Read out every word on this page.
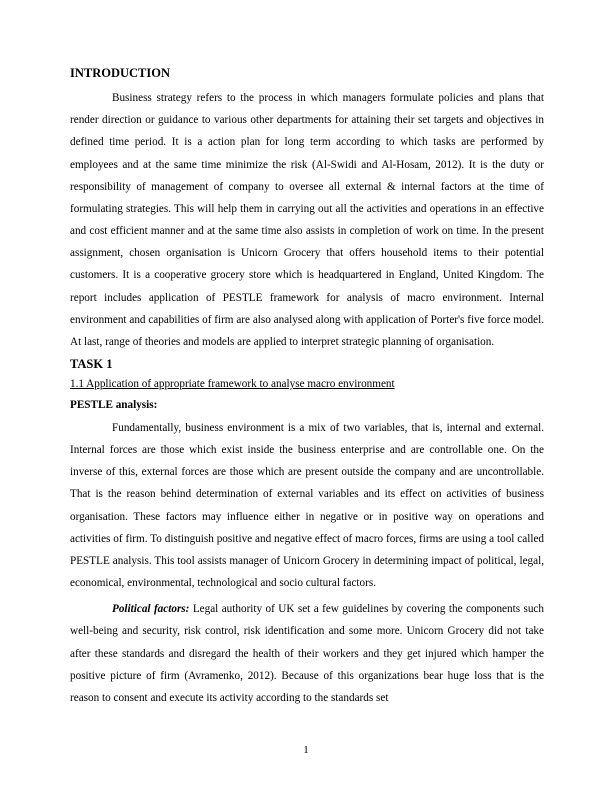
INTRODUCTION

Business strategy refers to the process in which managers formulate policies and plans that render direction or guidance to various other departments for attaining their set targets and objectives in defined time period. It is a action plan for long term according to which tasks are performed by employees and at the same time minimize the risk (Al-Swidi and Al-Hosam, 2012). It is the duty or responsibility of management of company to oversee all external & internal factors at the time of formulating strategies. This will help them in carrying out all the activities and operations in an effective and cost efficient manner and at the same time also assists in completion of work on time. In the present assignment, chosen organisation is Unicorn Grocery that offers household items to their potential customers. It is a cooperative grocery store which is headquartered in England, United Kingdom. The report includes application of PESTLE framework for analysis of macro environment. Internal environment and capabilities of firm are also analysed along with application of Porter's five force model. At last, range of theories and models are applied to interpret strategic planning of organisation.

TASK 1
1.1 Application of appropriate framework to analyse macro environment
PESTLE analysis:

Fundamentally, business environment is a mix of two variables, that is, internal and external. Internal forces are those which exist inside the business enterprise and are controllable one. On the inverse of this, external forces are those which are present outside the company and are uncontrollable. That is the reason behind determination of external variables and its effect on activities of business organisation. These factors may influence either in negative or in positive way on operations and activities of firm. To distinguish positive and negative effect of macro forces, firms are using a tool called PESTLE analysis. This tool assists manager of Unicorn Grocery in determining impact of political, legal, economical, environmental, technological and socio cultural factors.

Political factors: Legal authority of UK set a few guidelines by covering the components such well-being and security, risk control, risk identification and some more. Unicorn Grocery did not take after these standards and disregard the health of their workers and they get injured which hamper the positive picture of firm (Avramenko, 2012). Because of this organizations bear huge loss that is the reason to consent and execute its activity according to the standards set

1
